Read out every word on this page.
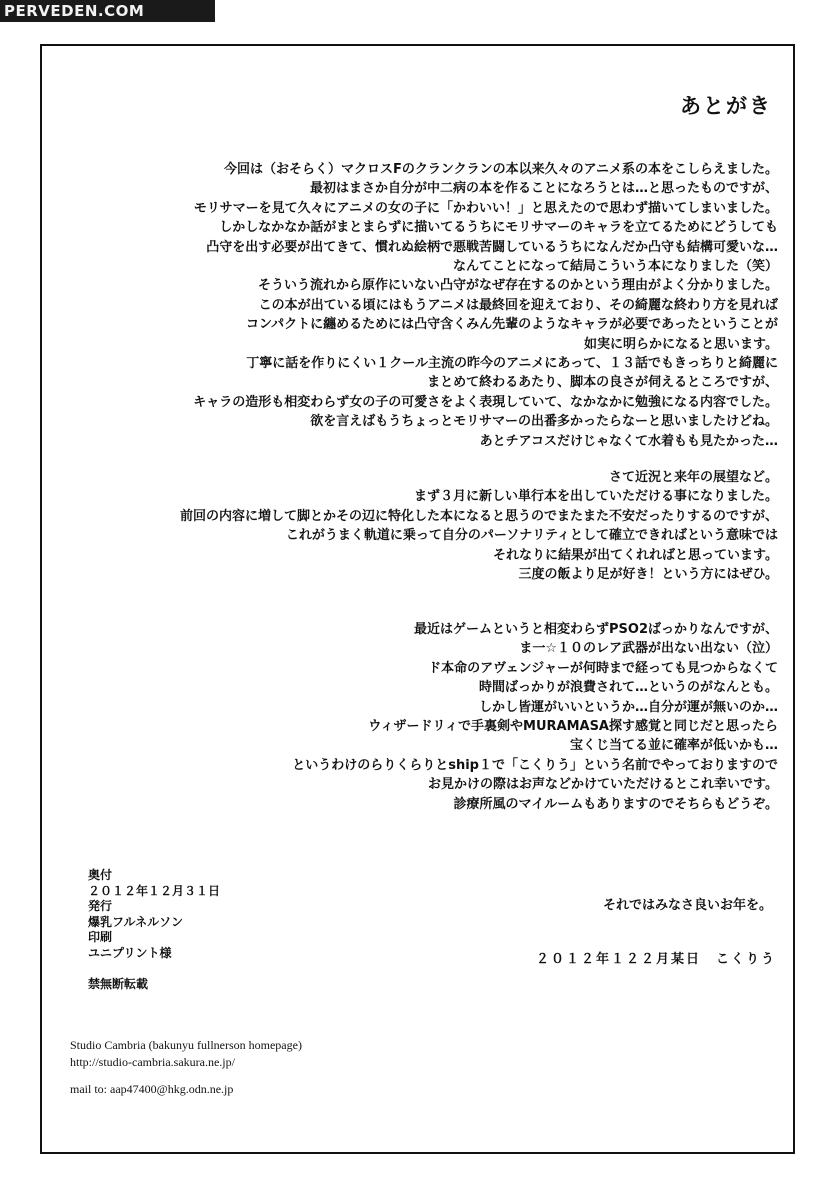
PERVEDEN.COM
あとがき
今回は（おそらく）マクロスFのクランクランの本以来久々のアニメ系の本をこしらえました。
最初はまさか自分が中二病の本を作ることになろうとは…と思ったものですが、
モリサマーを見て久々にアニメの女の子に「かわいい！」と思えたので思わず描いてしまいました。
しかしなかなか話がまとまらずに描いてるうちにモリサマーのキャラを立てるためにどうしても
凸守を出す必要が出てきて、慣れぬ絵柄で悪戦苦闘しているうちになんだか凸守も結構可愛いな…
なんてことになって結局こういう本になりました（笑）
そういう流れから原作にいない凸守がなぜ存在するのかという理由がよく分かりました。
この本が出ている頃にはもうアニメは最終回を迎えており、その綺麗な終わり方を見れば
コンパクトに纏めるためには凸守含くみん先輩のようなキャラが必要であったということが
如実に明らかになると思います。
丁寧に話を作りにくい１クール主流の昨今のアニメにあって、１３話でもきっちりと綺麗に
まとめて終わるあたり、脚本の良さが伺えるところですが、
キャラの造形も相変わらず女の子の可愛さをよく表現していて、なかなかに勉強になる内容でした。
欲を言えばもうちょっとモリサマーの出番多かったらなーと思いましたけどね。
あとチアコスだけじゃなくて水着もも見たかった…
さて近況と来年の展望など。
まず３月に新しい単行本を出していただける事になりました。
前回の内容に増して脚とかその辺に特化した本になると思うのでまたまた不安だったりするのですが、
これがうまく軌道に乗って自分のパーソナリティとして確立できればという意味では
それなりに結果が出てくれればと思っています。
三度の飯より足が好き！という方にはぜひ。
最近はゲームというと相変わらずPSO2ばっかりなんですが、
ま一☆１０のレア武器が出ない出ない（泣）
ド本命のアヴェンジャーが何時まで経っても見つからなくて
時間ばっかりが浪費されて…というのがなんとも。
しかし皆運がいいというか…自分が運が無いのか…
ウィザードリィで手裏剣やMURAMASA探す感覚と同じだと思ったら
宝くじ当てる並に確率が低いかも…
というわけのらりくらりとship１で「こくりう」という名前でやっておりますので
お見かけの際はお声などかけていただけるとこれ幸いです。
診療所風のマイルームもありますのでそちらもどうぞ。
奥付
２０１２年１２月３１日
発行
爆乳フルネルソン
印刷
ユニプリント様
禁無断転載
それではみなさ良いお年を。
２０１２年１２２月某日　こくりう
Studio Cambria (bakunyu fullnerson homepage)
http://studio-cambria.sakura.ne.jp/
mail to: aap47400@hkg.odn.ne.jp
